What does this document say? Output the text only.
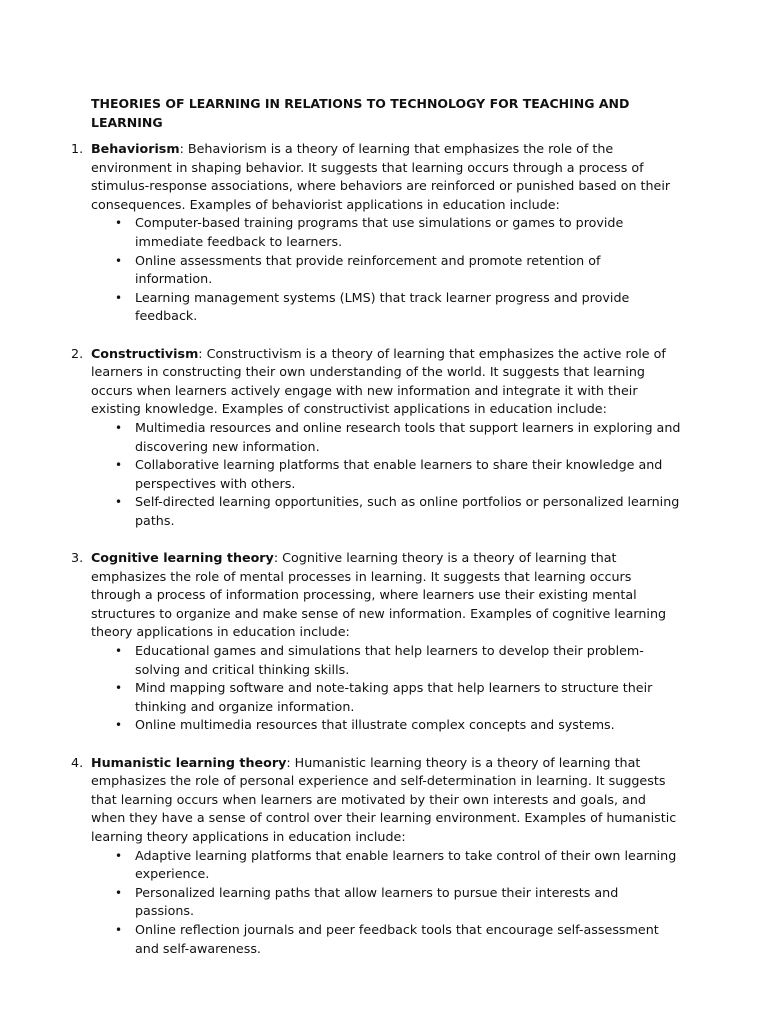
THEORIES OF LEARNING IN RELATIONS TO TECHNOLOGY FOR TEACHING AND LEARNING
1. Behaviorism: Behaviorism is a theory of learning that emphasizes the role of the environment in shaping behavior. It suggests that learning occurs through a process of stimulus-response associations, where behaviors are reinforced or punished based on their consequences. Examples of behaviorist applications in education include:
• Computer-based training programs that use simulations or games to provide immediate feedback to learners.
• Online assessments that provide reinforcement and promote retention of information.
• Learning management systems (LMS) that track learner progress and provide feedback.
2. Constructivism: Constructivism is a theory of learning that emphasizes the active role of learners in constructing their own understanding of the world. It suggests that learning occurs when learners actively engage with new information and integrate it with their existing knowledge. Examples of constructivist applications in education include:
• Multimedia resources and online research tools that support learners in exploring and discovering new information.
• Collaborative learning platforms that enable learners to share their knowledge and perspectives with others.
• Self-directed learning opportunities, such as online portfolios or personalized learning paths.
3. Cognitive learning theory: Cognitive learning theory is a theory of learning that emphasizes the role of mental processes in learning. It suggests that learning occurs through a process of information processing, where learners use their existing mental structures to organize and make sense of new information. Examples of cognitive learning theory applications in education include:
• Educational games and simulations that help learners to develop their problem-solving and critical thinking skills.
• Mind mapping software and note-taking apps that help learners to structure their thinking and organize information.
• Online multimedia resources that illustrate complex concepts and systems.
4. Humanistic learning theory: Humanistic learning theory is a theory of learning that emphasizes the role of personal experience and self-determination in learning. It suggests that learning occurs when learners are motivated by their own interests and goals, and when they have a sense of control over their learning environment. Examples of humanistic learning theory applications in education include:
• Adaptive learning platforms that enable learners to take control of their own learning experience.
• Personalized learning paths that allow learners to pursue their interests and passions.
• Online reflection journals and peer feedback tools that encourage self-assessment and self-awareness.
